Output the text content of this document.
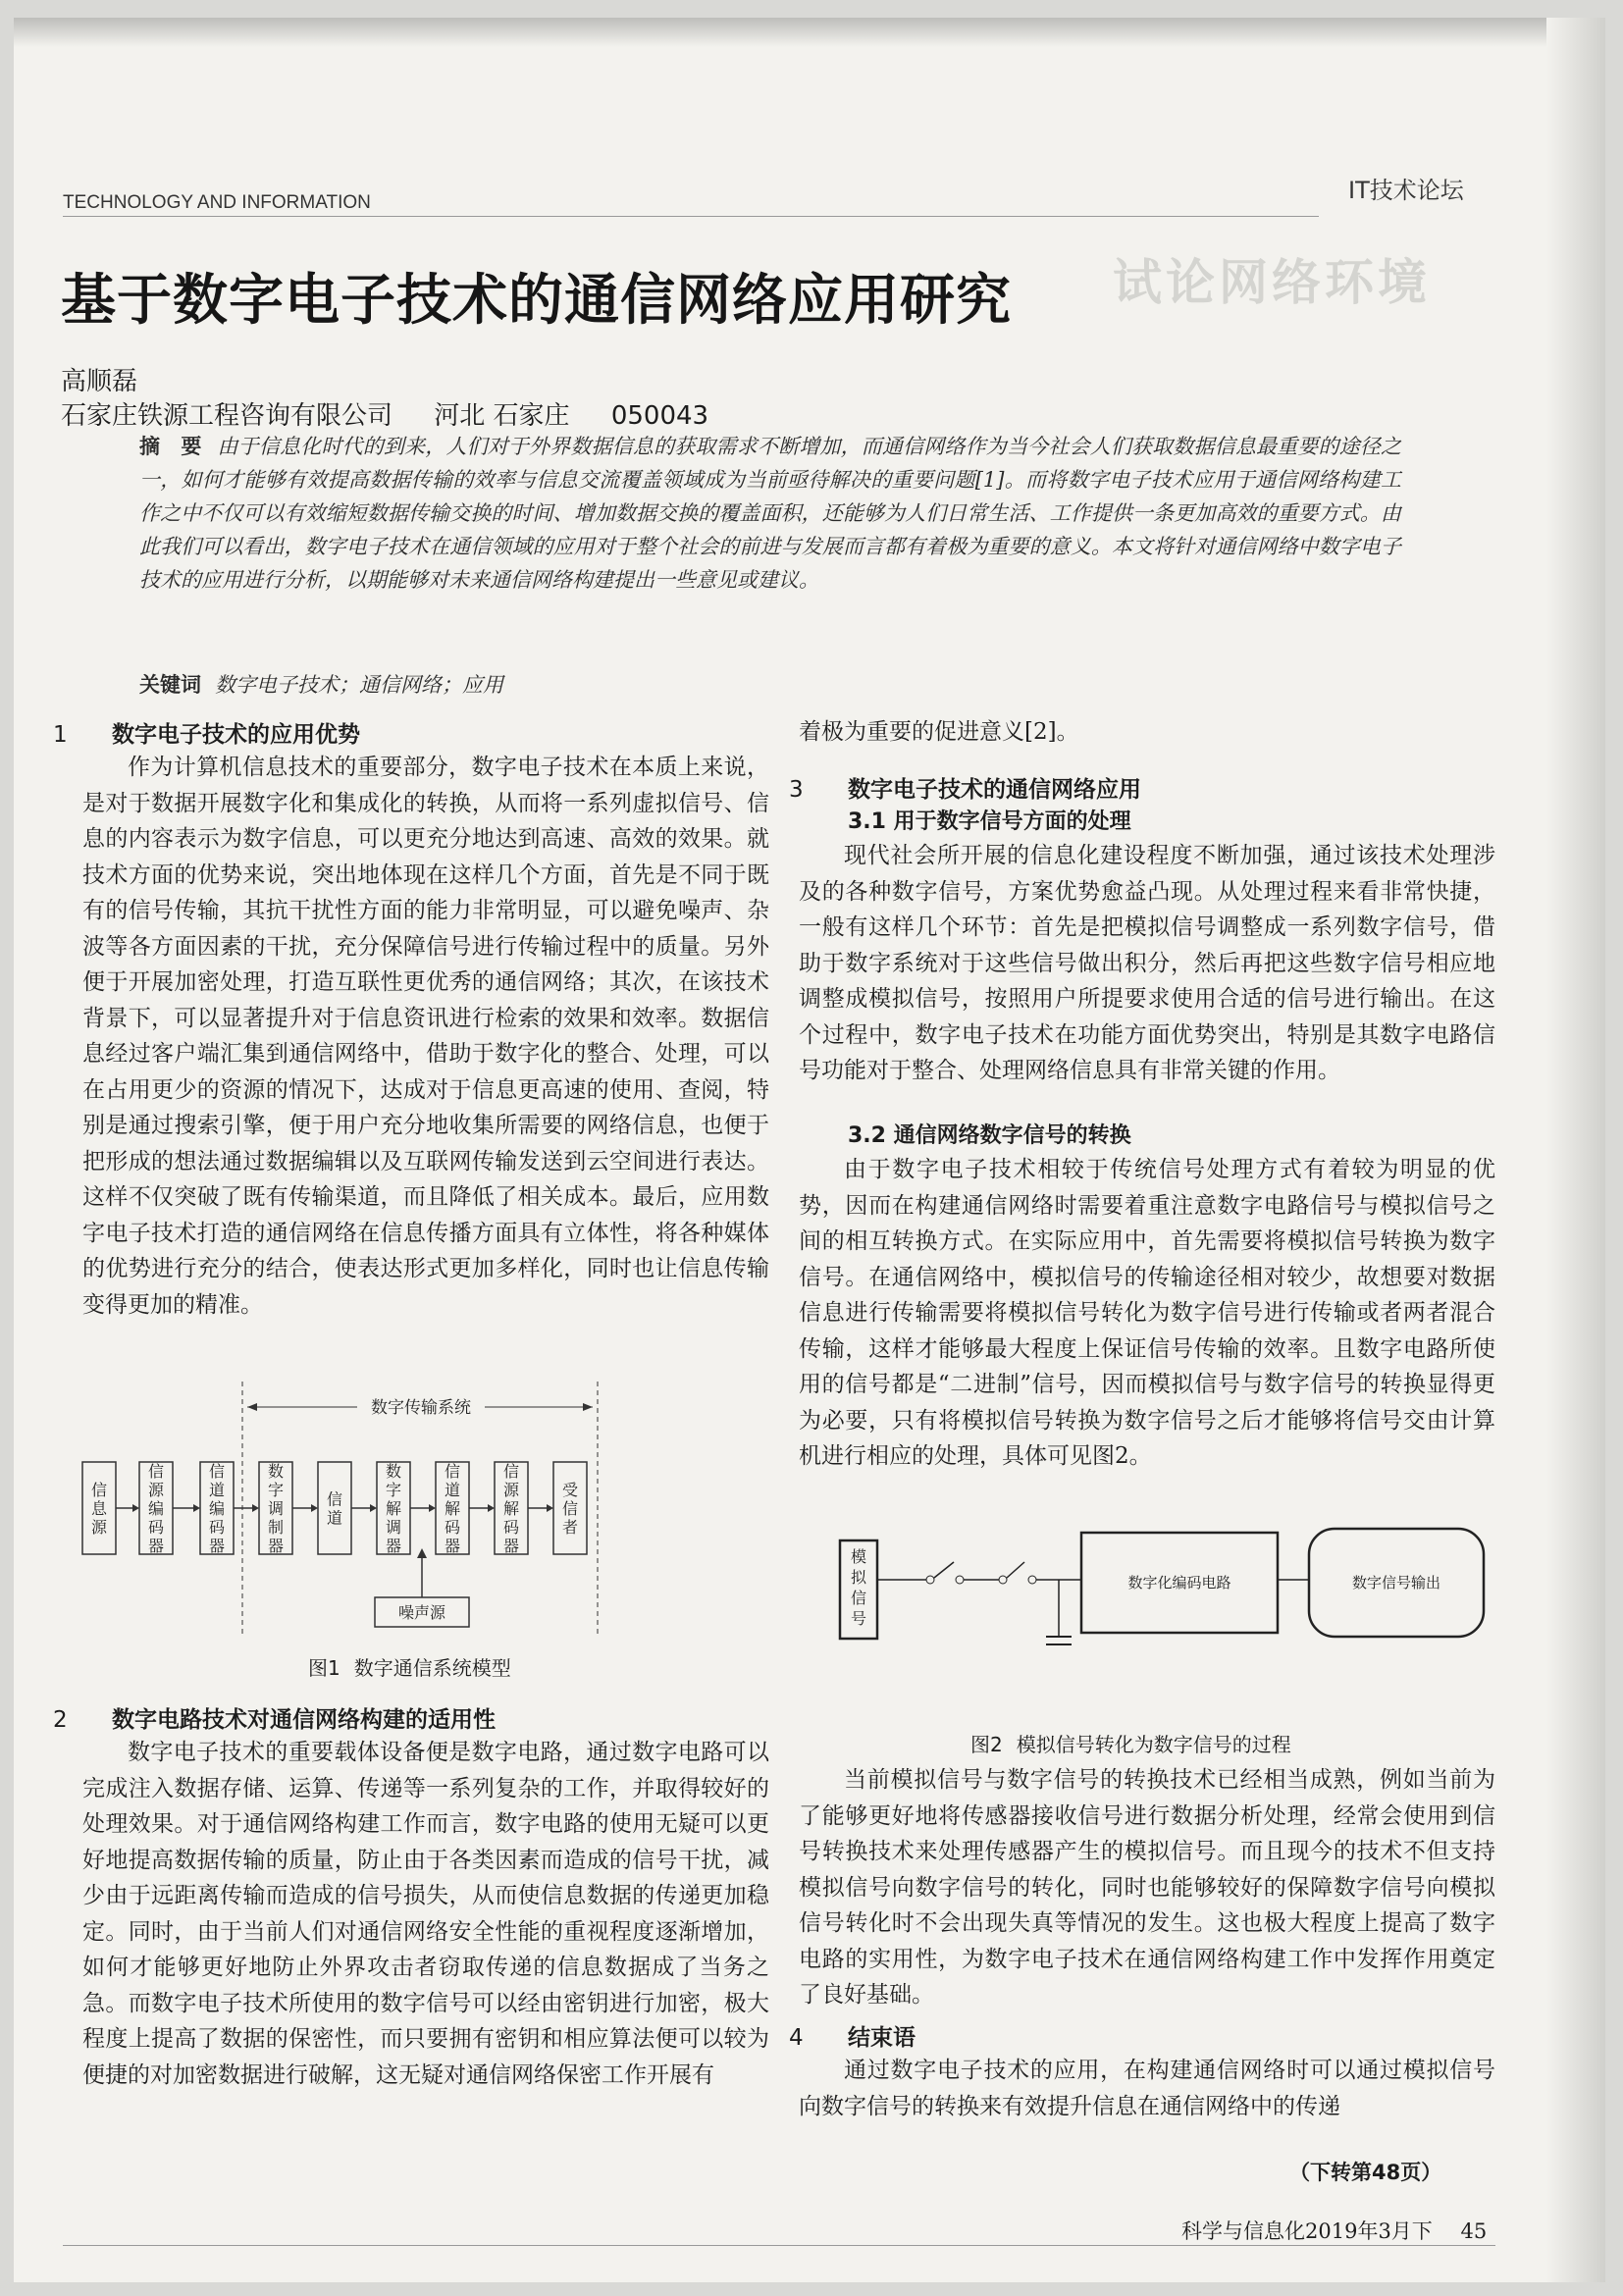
试论网络环境
TECHNOLOGY AND INFORMATION	IT技术论坛
基于数字电子技术的通信网络应用研究
高顺磊
石家庄铁源工程咨询有限公司 河北 石家庄 050043
摘　要 由于信息化时代的到来，人们对于外界数据信息的获取需求不断增加，而通信网络作为当今社会人们获取数据信息最重要的途径之一，如何才能够有效提高数据传输的效率与信息交流覆盖领域成为当前亟待解决的重要问题[1]。而将数字电子技术应用于通信网络构建工作之中不仅可以有效缩短数据传输交换的时间、增加数据交换的覆盖面积，还能够为人们日常生活、工作提供一条更加高效的重要方式。由此我们可以看出，数字电子技术在通信领域的应用对于整个社会的前进与发展而言都有着极为重要的意义。本文将针对通信网络中数字电子技术的应用进行分析，以期能够对未来通信网络构建提出一些意见或建议。
关键词 数字电子技术；通信网络；应用
1 数字电子技术的应用优势

作为计算机信息技术的重要部分，数字电子技术在本质上来说，是对于数据开展数字化和集成化的转换，从而将一系列虚拟信号、信息的内容表示为数字信息，可以更充分地达到高速、高效的效果。就技术方面的优势来说，突出地体现在这样几个方面，首先是不同于既有的信号传输，其抗干扰性方面的能力非常明显，可以避免噪声、杂波等各方面因素的干扰，充分保障信号进行传输过程中的质量。另外便于开展加密处理，打造互联性更优秀的通信网络；其次，在该技术背景下，可以显著提升对于信息资讯进行检索的效果和效率。数据信息经过客户端汇集到通信网络中，借助于数字化的整合、处理，可以在占用更少的资源的情况下，达成对于信息更高速的使用、查阅，特别是通过搜索引擎，便于用户充分地收集所需要的网络信息，也便于把形成的想法通过数据编辑以及互联网传输发送到云空间进行表达。这样不仅突破了既有传输渠道，而且降低了相关成本。最后，应用数字电子技术打造的通信网络在信息传播方面具有立体性，将各种媒体的优势进行充分的结合，使表达形式更加多样化，同时也让信息传输变得更加的精准。

数字传输系统
信
息
源
信
源
编
码
器
信
道
编
码
器
数
字
调
制
器
信
道
数
字
解
调
器
信
道
解
码
器
信
源
解
码
器
受
信
者
噪声源
图1 数字通信系统模型
2 数字电路技术对通信网络构建的适用性

数字电子技术的重要载体设备便是数字电路，通过数字电路可以完成注入数据存储、运算、传递等一系列复杂的工作，并取得较好的处理效果。对于通信网络构建工作而言，数字电路的使用无疑可以更好地提高数据传输的质量，防止由于各类因素而造成的信号干扰，减少由于远距离传输而造成的信号损失，从而使信息数据的传递更加稳定。同时，由于当前人们对通信网络安全性能的重视程度逐渐增加，如何才能够更好地防止外界攻击者窃取传递的信息数据成了当务之急。而数字电子技术所使用的数字信号可以经由密钥进行加密，极大程度上提高了数据的保密性，而只要拥有密钥和相应算法便可以较为便捷的对加密数据进行破解，这无疑对通信网络保密工作开展有

着极为重要的促进意义[2]。

3 数字电子技术的通信网络应用
3.1 用于数字信号方面的处理

现代社会所开展的信息化建设程度不断加强，通过该技术处理涉及的各种数字信号，方案优势愈益凸现。从处理过程来看非常快捷，一般有这样几个环节：首先是把模拟信号调整成一系列数字信号，借助于数字系统对于这些信号做出积分，然后再把这些数字信号相应地调整成模拟信号，按照用户所提要求使用合适的信号进行输出。在这个过程中，数字电子技术在功能方面优势突出，特别是其数字电路信号功能对于整合、处理网络信息具有非常关键的作用。

3.2 通信网络数字信号的转换

由于数字电子技术相较于传统信号处理方式有着较为明显的优势，因而在构建通信网络时需要着重注意数字电路信号与模拟信号之间的相互转换方式。在实际应用中，首先需要将模拟信号转换为数字信号。在通信网络中，模拟信号的传输途径相对较少，故想要对数据信息进行传输需要将模拟信号转化为数字信号进行传输或者两者混合传输，这样才能够最大程度上保证信号传输的效率。且数字电路所使用的信号都是“二进制”信号，因而模拟信号与数字信号的转换显得更为必要，只有将模拟信号转换为数字信号之后才能够将信号交由计算机进行相应的处理，具体可见图2。

模
拟
信
号
数字化编码电路	数字信号输出
图2 模拟信号转化为数字信号的过程

当前模拟信号与数字信号的转换技术已经相当成熟，例如当前为了能够更好地将传感器接收信号进行数据分析处理，经常会使用到信号转换技术来处理传感器产生的模拟信号。而且现今的技术不但支持模拟信号向数字信号的转化，同时也能够较好的保障数字信号向模拟信号转化时不会出现失真等情况的发生。这也极大程度上提高了数字电路的实用性，为数字电子技术在通信网络构建工作中发挥作用奠定了良好基础。

4 结束语

通过数字电子技术的应用，在构建通信网络时可以通过模拟信号向数字信号的转换来有效提升信息在通信网络中的传递

（下转第48页）
科学与信息化2019年3月下 45
